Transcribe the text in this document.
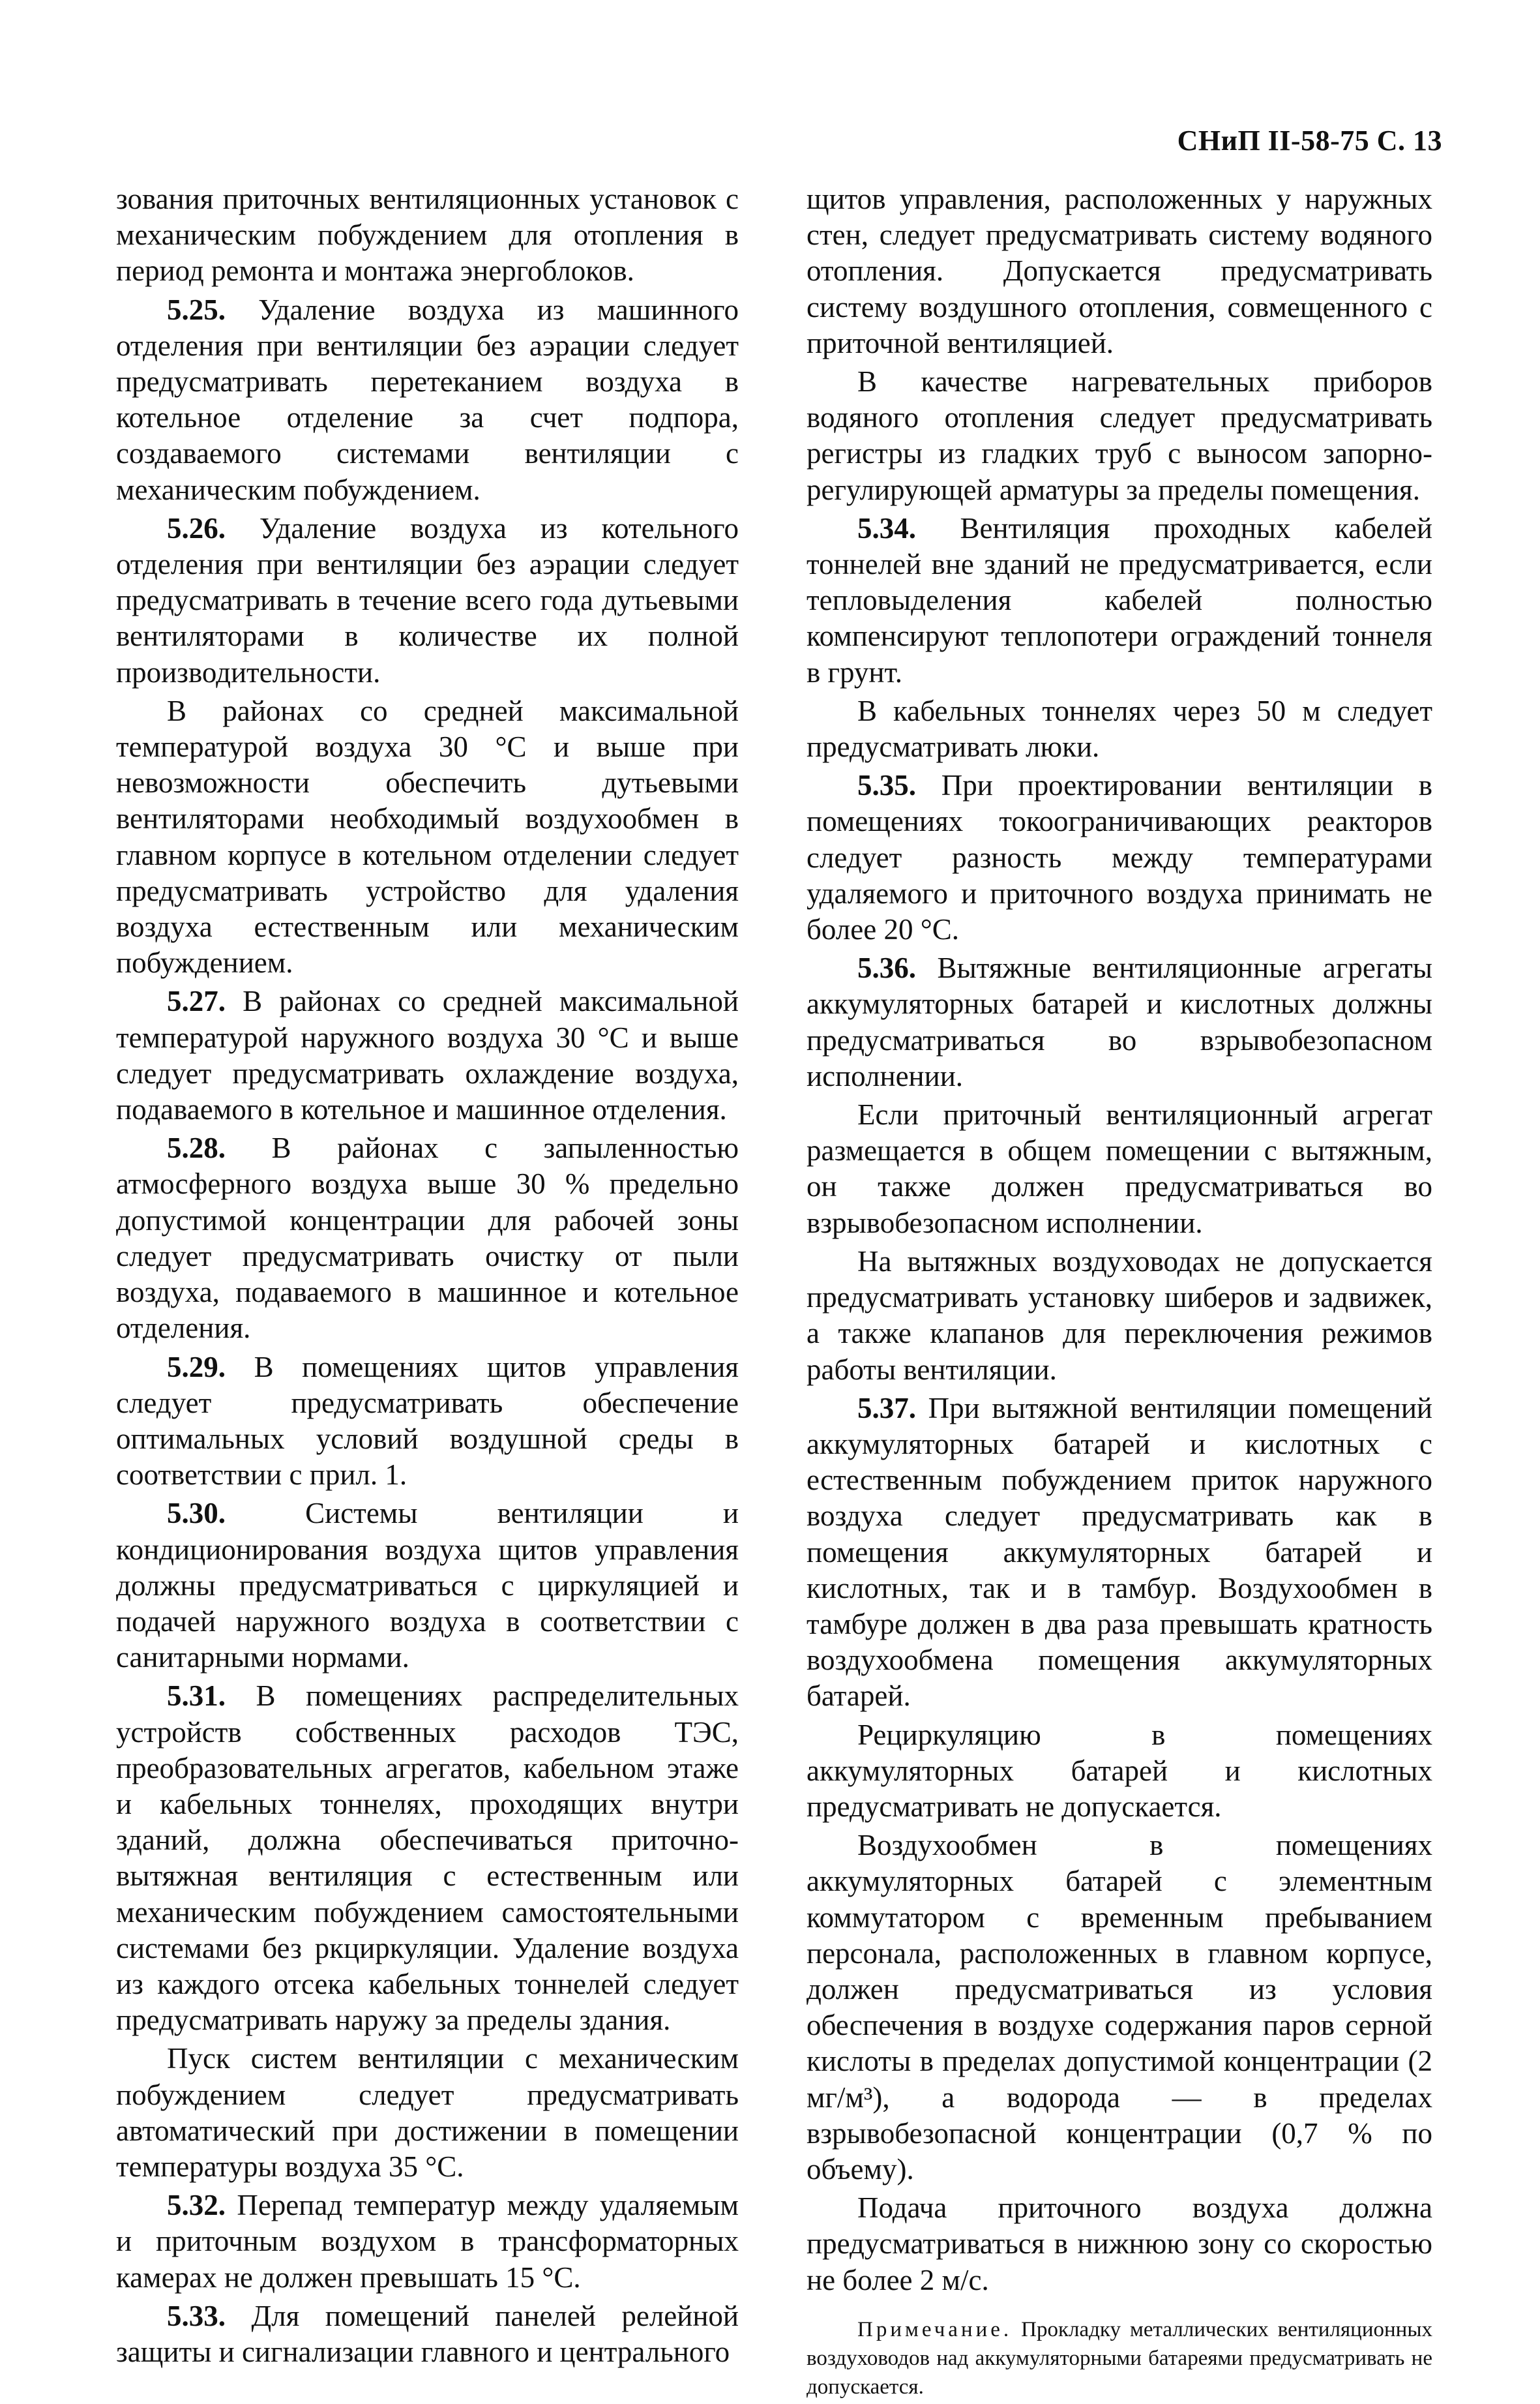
СНиП II-58-75 С. 13

зования приточных вентиляционных установок с механическим побуждением для отопления в период ремонта и монтажа энергоблоков.

5.25. Удаление воздуха из машинного отделения при вентиляции без аэрации следует предусматривать перетеканием воздуха в котельное отделение за счет подпора, создаваемого системами вентиляции с механическим побуждением.

5.26. Удаление воздуха из котельного отделения при вентиляции без аэрации следует предусматривать в течение всего года дутьевыми вентиляторами в количестве их полной производительности.

В районах со средней максимальной температурой воздуха 30 °С и выше при невозможности обеспечить дутьевыми вентиляторами необходимый воздухообмен в главном корпусе в котельном отделении следует предусматривать устройство для удаления воздуха естественным или механическим побуждением.

5.27. В районах со средней максимальной температурой наружного воздуха 30 °С и выше следует предусматривать охлаждение воздуха, подаваемого в котельное и машинное отделения.

5.28. В районах с запыленностью атмосферного воздуха выше 30 % предельно допустимой концентрации для рабочей зоны следует предусматривать очистку от пыли воздуха, подаваемого в машинное и котельное отделения.

5.29. В помещениях щитов управления следует предусматривать обеспечение оптимальных условий воздушной среды в соответствии с прил. 1.

5.30. Системы вентиляции и кондиционирования воздуха щитов управления должны предусматриваться с циркуляцией и подачей наружного воздуха в соответствии с санитарными нормами.

5.31. В помещениях распределительных устройств собственных расходов ТЭС, преобразовательных агрегатов, кабельном этаже и кабельных тоннелях, проходящих внутри зданий, должна обеспечиваться приточно-вытяжная вентиляция с естественным или механическим побуждением самостоятельными системами без ркциркуляции. Удаление воздуха из каждого отсека кабельных тоннелей следует предусматривать наружу за пределы здания.

Пуск систем вентиляции с механическим побуждением следует предусматривать автоматический при достижении в помещении температуры воздуха 35 °С.

5.32. Перепад температур между удаляемым и приточным воздухом в трансформаторных камерах не должен превышать 15 °С.

5.33. Для помещений панелей релейной защиты и сигнализации главного и центрального

щитов управления, расположенных у наружных стен, следует предусматривать систему водяного отопления. Допускается предусматривать систему воздушного отопления, совмещенного с приточной вентиляцией.

В качестве нагревательных приборов водяного отопления следует предусматривать регистры из гладких труб с выносом запорно-регулирующей арматуры за пределы помещения.

5.34. Вентиляция проходных кабелей тоннелей вне зданий не предусматривается, если тепловыделения кабелей полностью компенсируют теплопотери ограждений тоннеля в грунт.

В кабельных тоннелях через 50 м следует предусматривать люки.

5.35. При проектировании вентиляции в помещениях токоограничивающих реакторов следует разность между температурами удаляемого и приточного воздуха принимать не более 20 °С.

5.36. Вытяжные вентиляционные агрегаты аккумуляторных батарей и кислотных должны предусматриваться во взрывобезопасном исполнении.

Если приточный вентиляционный агрегат размещается в общем помещении с вытяжным, он также должен предусматриваться во взрывобезопасном исполнении.

На вытяжных воздуховодах не допускается предусматривать установку шиберов и задвижек, а также клапанов для переключения режимов работы вентиляции.

5.37. При вытяжной вентиляции помещений аккумуляторных батарей и кислотных с естественным побуждением приток наружного воздуха следует предусматривать как в помещения аккумуляторных батарей и кислотных, так и в тамбур. Воздухообмен в тамбуре должен в два раза превышать кратность воздухообмена помещения аккумуляторных батарей.

Рециркуляцию в помещениях аккумуляторных батарей и кислотных предусматривать не допускается.

Воздухообмен в помещениях аккумуляторных батарей с элементным коммутатором с временным пребыванием персонала, расположенных в главном корпусе, должен предусматриваться из условия обеспечения в воздухе содержания паров серной кислоты в пределах допустимой концентрации (2 мг/м³), а водорода — в пределах взрывобезопасной концентрации (0,7 % по объему).

Подача приточного воздуха должна предусматриваться в нижнюю зону со скоростью не более 2 м/с.

Примечание. Прокладку металлических вентиляционных воздуховодов над аккумуляторными батареями предусматривать не допускается.
